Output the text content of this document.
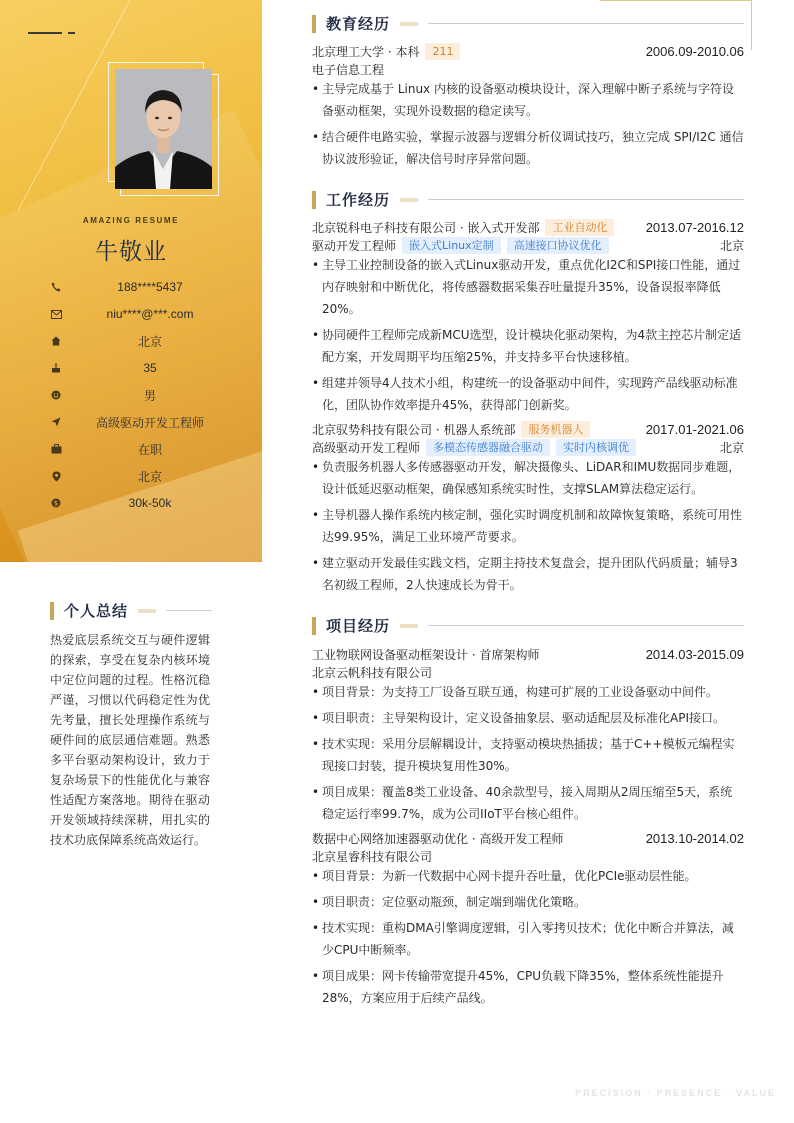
AMAZING RESUME
牛敬业
188****5437
niu****@***.com
北京
35
男
高级驱动开发工程师
在职
北京
$	30k-50k
个人总结
热爱底层系统交互与硬件逻辑的探索，享受在复杂内核环境中定位问题的过程。性格沉稳严谨，习惯以代码稳定性为优先考量，擅长处理操作系统与硬件间的底层通信难题。熟悉多平台驱动架构设计，致力于复杂场景下的性能优化与兼容性适配方案落地。期待在驱动开发领域持续深耕，用扎实的技术功底保障系统高效运行。
教育经历
北京理工大学 · 本科	211	2006.09-2010.06
电子信息工程
• 主导完成基于 Linux 内核的设备驱动模块设计，深入理解中断子系统与字符设备驱动框架，实现外设数据的稳定读写。
• 结合硬件电路实验，掌握示波器与逻辑分析仪调试技巧，独立完成 SPI/I2C 通信协议波形验证，解决信号时序异常问题。
工作经历
北京锐科电子科技有限公司 · 嵌入式开发部	工业自动化	2013.07-2016.12
驱动开发工程师	嵌入式Linux定制	高速接口协议优化	北京
• 主导工业控制设备的嵌入式Linux驱动开发，重点优化I2C和SPI接口性能，通过内存映射和中断优化，将传感器数据采集吞吐量提升35%，设备误报率降低20%。
• 协同硬件工程师完成新MCU选型，设计模块化驱动架构，为4款主控芯片制定适配方案，开发周期平均压缩25%，并支持多平台快速移植。
• 组建并领导4人技术小组，构建统一的设备驱动中间件，实现跨产品线驱动标准化，团队协作效率提升45%，获得部门创新奖。
北京驭势科技有限公司 · 机器人系统部	服务机器人	2017.01-2021.06
高级驱动开发工程师	多模态传感器融合驱动	实时内核调优	北京
• 负责服务机器人多传感器驱动开发，解决摄像头、LiDAR和IMU数据同步难题，设计低延迟驱动框架，确保感知系统实时性，支撑SLAM算法稳定运行。
• 主导机器人操作系统内核定制，强化实时调度机制和故障恢复策略，系统可用性达99.95%，满足工业环境严苛要求。
• 建立驱动开发最佳实践文档，定期主持技术复盘会，提升团队代码质量；辅导3名初级工程师，2人快速成长为骨干。
项目经历
工业物联网设备驱动框架设计 · 首席架构师	2014.03-2015.09
北京云帆科技有限公司
• 项目背景：为支持工厂设备互联互通，构建可扩展的工业设备驱动中间件。
• 项目职责：主导架构设计，定义设备抽象层、驱动适配层及标准化API接口。
• 技术实现：采用分层解耦设计，支持驱动模块热插拔；基于C++模板元编程实现接口封装，提升模块复用性30%。
• 项目成果：覆盖8类工业设备、40余款型号，接入周期从2周压缩至5天，系统稳定运行率99.7%，成为公司IIoT平台核心组件。
数据中心网络加速器驱动优化 · 高级开发工程师	2013.10-2014.02
北京星睿科技有限公司
• 项目背景：为新一代数据中心网卡提升吞吐量，优化PCIe驱动层性能。
• 项目职责：定位驱动瓶颈，制定端到端优化策略。
• 技术实现：重构DMA引擎调度逻辑，引入零拷贝技术；优化中断合并算法，减少CPU中断频率。
• 项目成果：网卡传输带宽提升45%，CPU负载下降35%，整体系统性能提升28%，方案应用于后续产品线。
PRECISION · PRESENCE · VALUE
